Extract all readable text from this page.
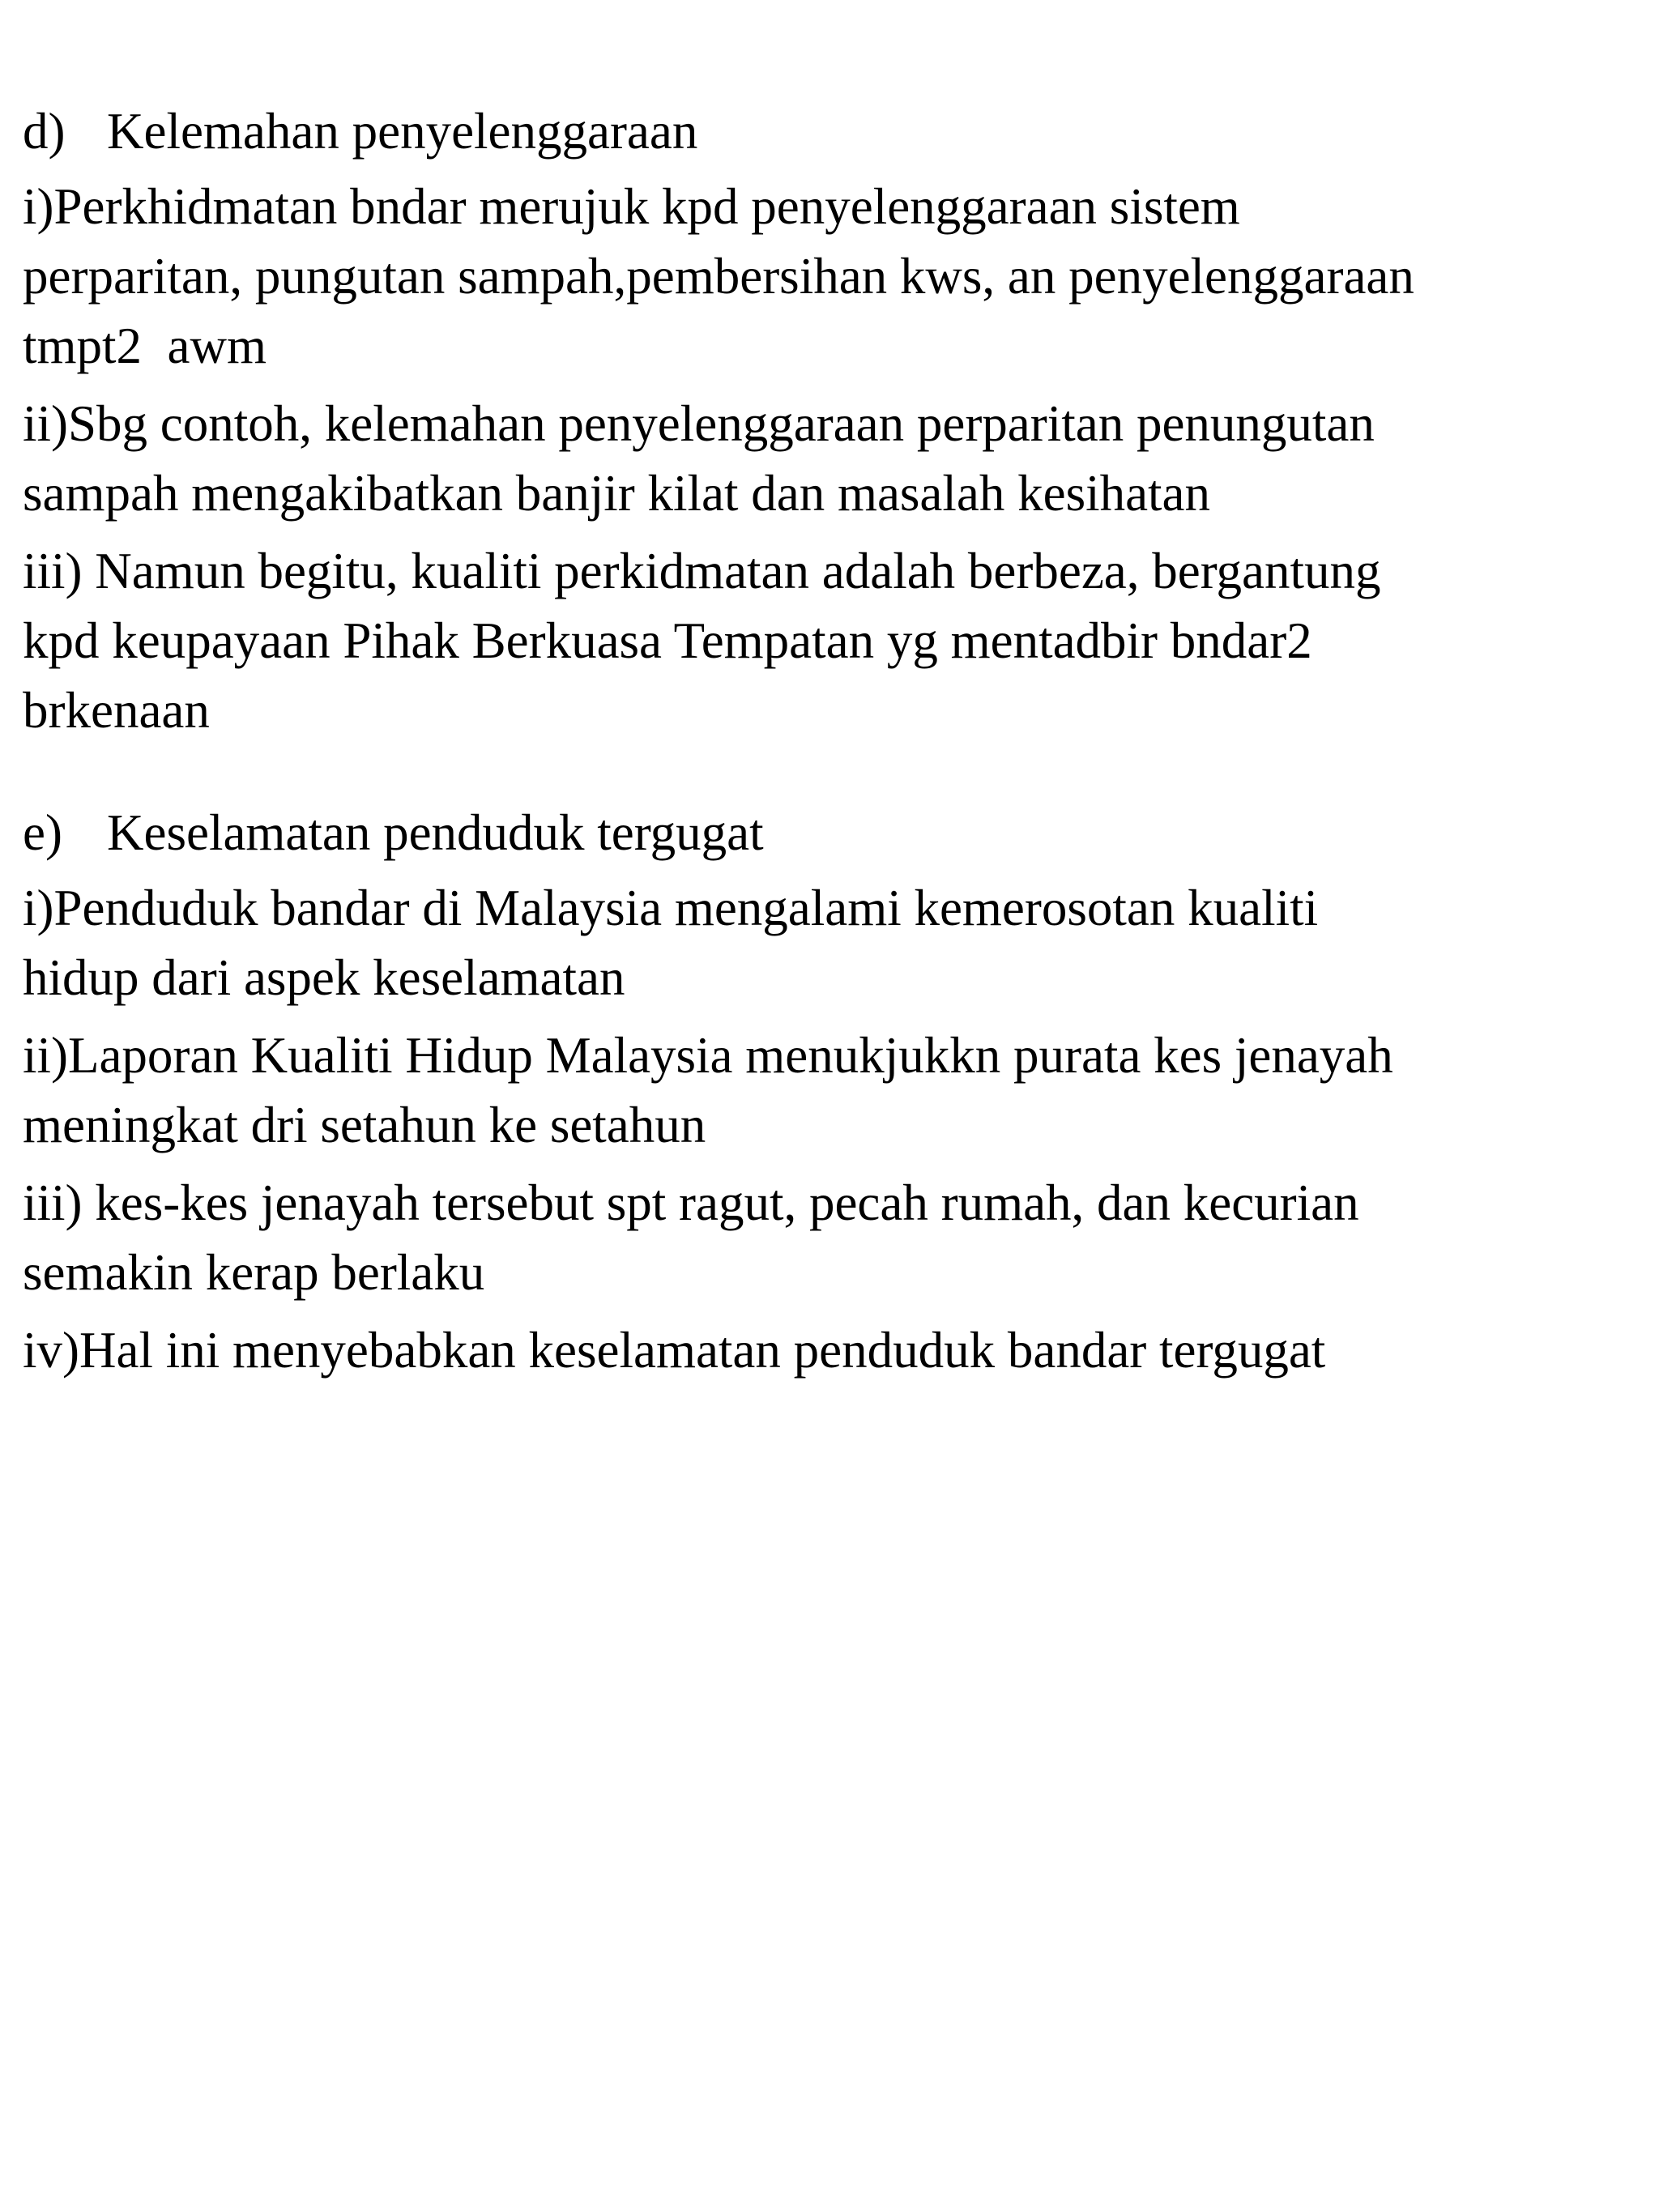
d) Kelemahan penyelenggaraan

i)Perkhidmatan bndar merujuk kpd penyelenggaraan sistem
perparitan, pungutan sampah,pembersihan kws, an penyelenggaraan
tmpt2  awm

ii)Sbg contoh, kelemahan penyelenggaraan perparitan penungutan
sampah mengakibatkan banjir kilat dan masalah kesihatan

iii) Namun begitu, kualiti perkidmatan adalah berbeza, bergantung
kpd keupayaan Pihak Berkuasa Tempatan yg mentadbir bndar2
brkenaan

e) Keselamatan penduduk tergugat

i)Penduduk bandar di Malaysia mengalami kemerosotan kualiti
hidup dari aspek keselamatan

ii)Laporan Kualiti Hidup Malaysia menukjukkn purata kes jenayah
meningkat dri setahun ke setahun

iii) kes-kes jenayah tersebut spt ragut, pecah rumah, dan kecurian
semakin kerap berlaku

iv)Hal ini menyebabkan keselamatan penduduk bandar tergugat
